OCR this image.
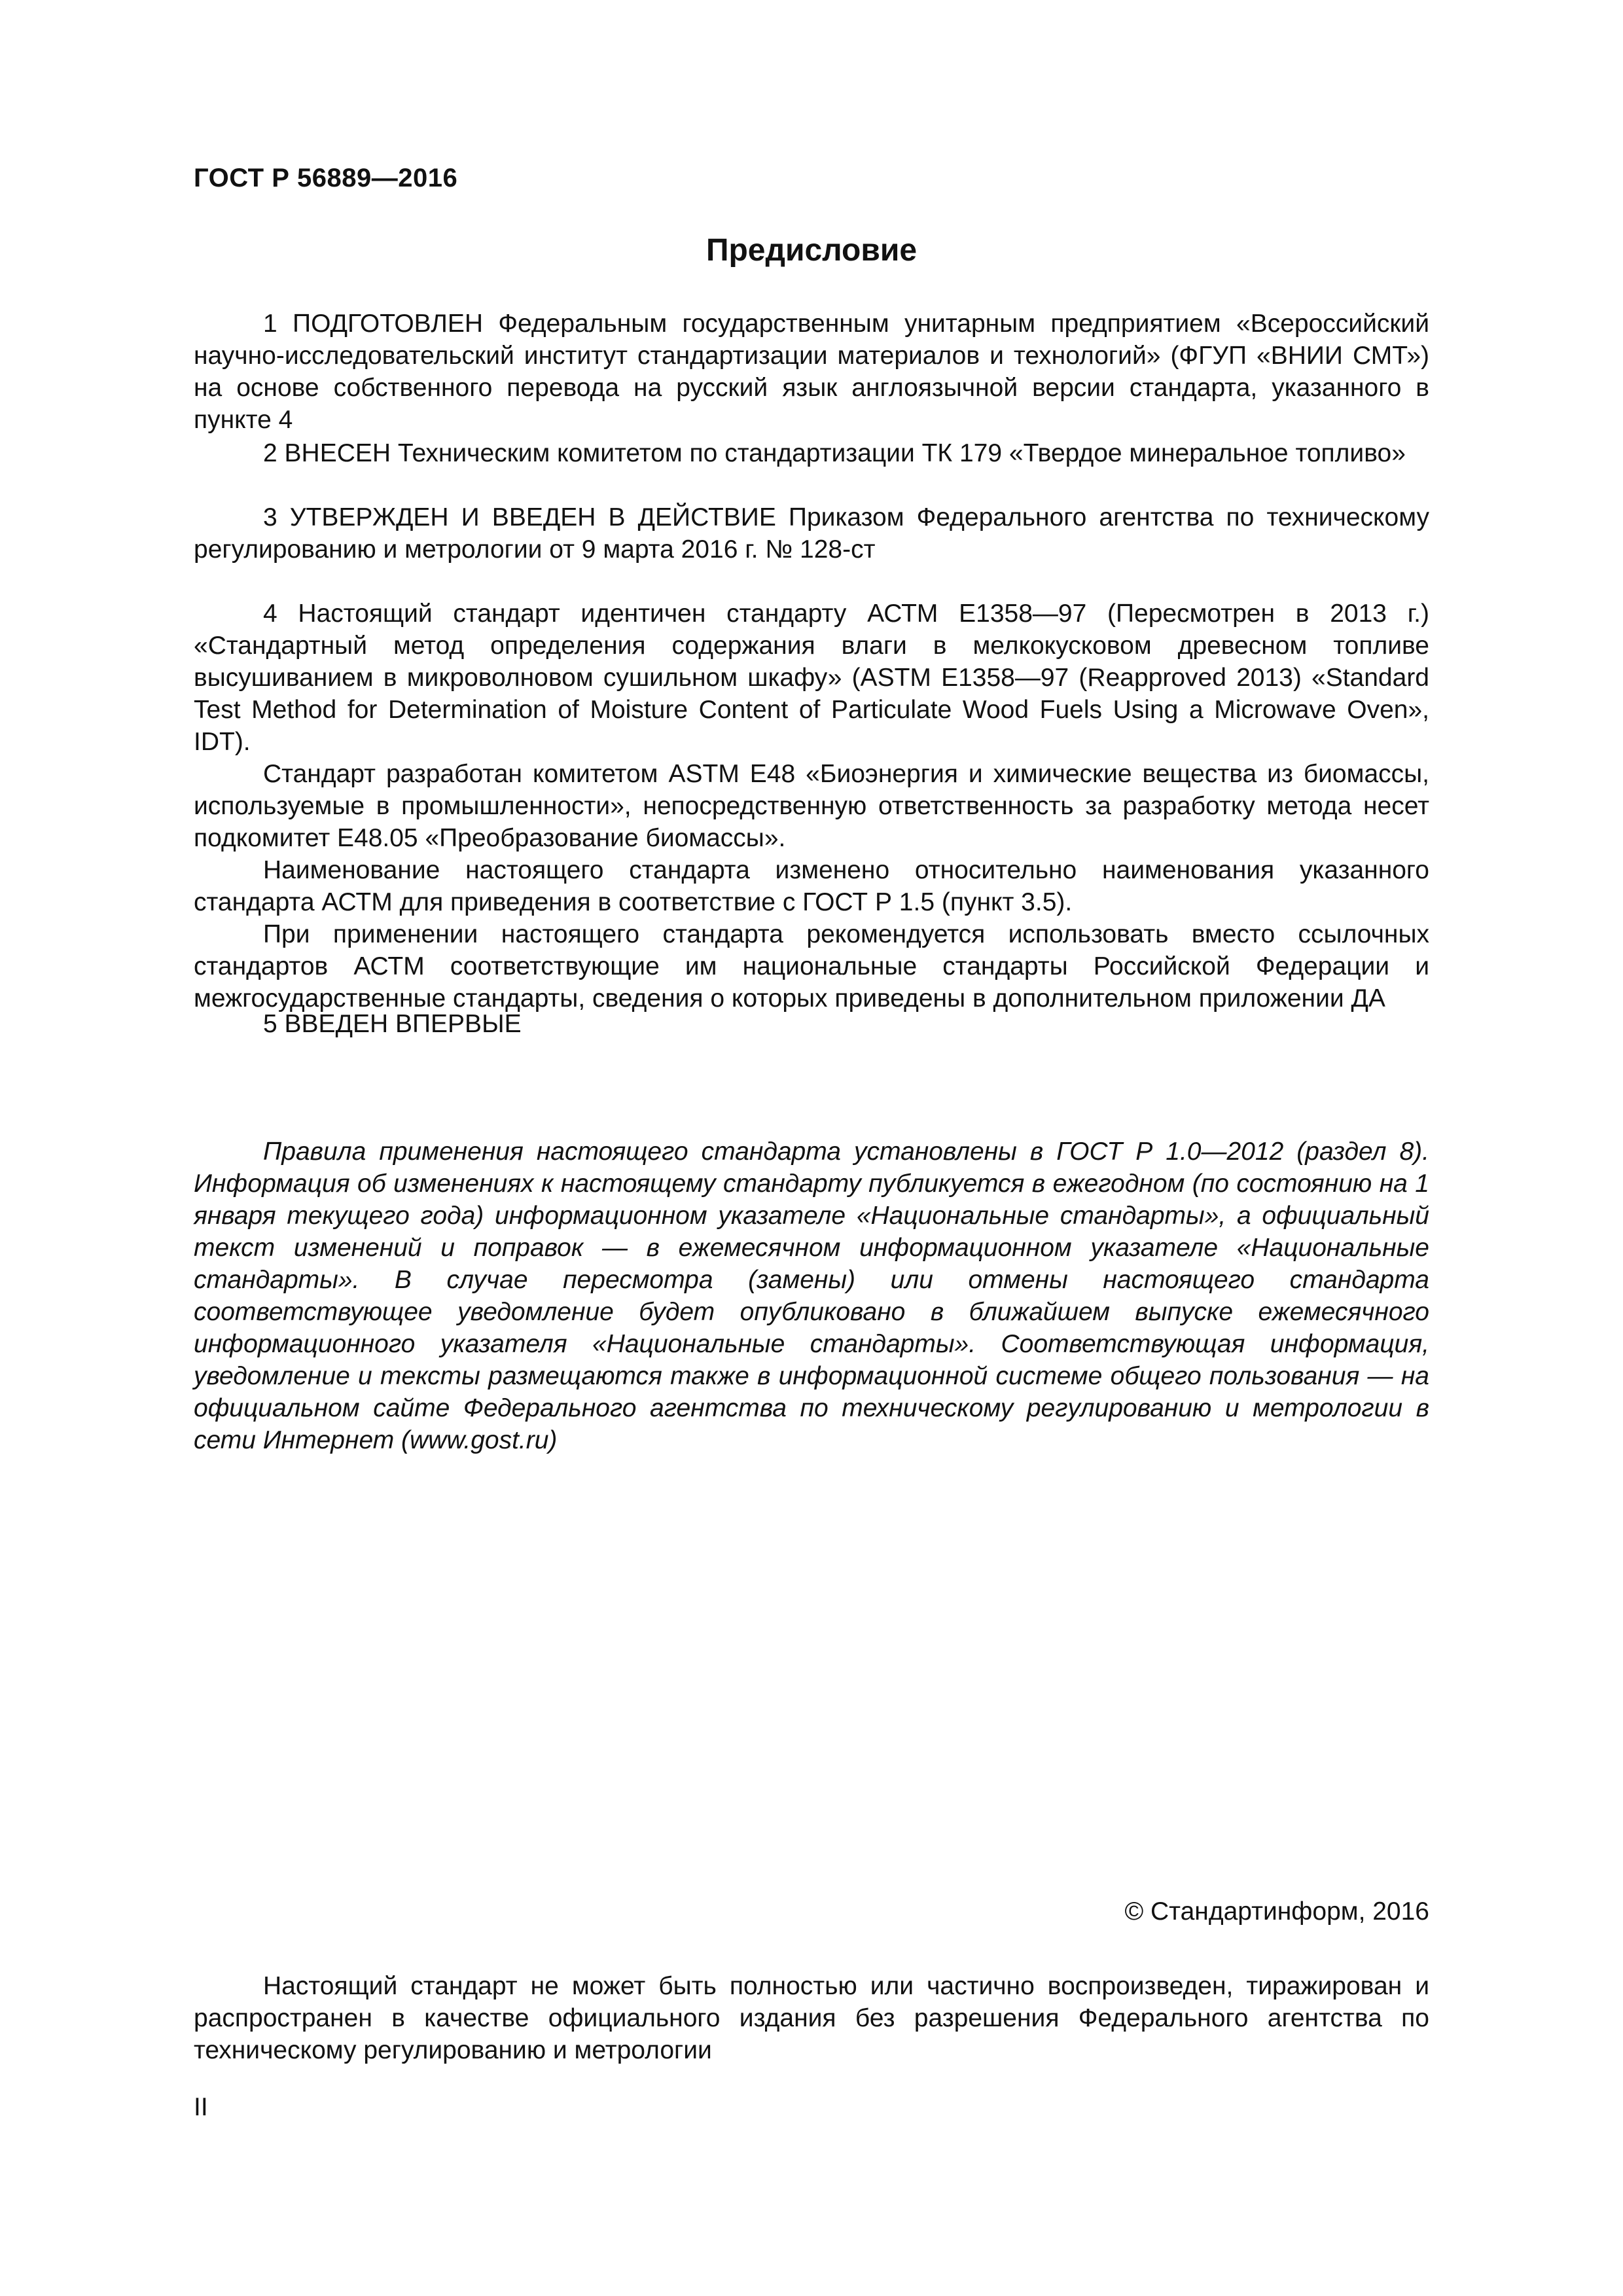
ГОСТ Р 56889—2016
Предисловие

1 ПОДГОТОВЛЕН Федеральным государственным унитарным предприятием «Всероссийский научно-исследовательский институт стандартизации материалов и технологий» (ФГУП «ВНИИ СМТ») на основе собственного перевода на русский язык англоязычной версии стандарта, указанного в пункте 4

2 ВНЕСЕН Техническим комитетом по стандартизации ТК 179 «Твердое минеральное топливо»

3 УТВЕРЖДЕН И ВВЕДЕН В ДЕЙСТВИЕ Приказом Федерального агентства по техническому регулированию и метрологии от 9 марта 2016 г. № 128-ст

4 Настоящий стандарт идентичен стандарту АСТМ Е1358—97 (Пересмотрен в 2013 г.) «Стандартный метод определения содержания влаги в мелкокусковом древесном топливе высушиванием в микроволновом сушильном шкафу» (ASTM E1358—97 (Reapproved 2013) «Standard Test Method for Determination of Moisture Content of Particulate Wood Fuels Using a Microwave Oven», IDT).

Стандарт разработан комитетом ASTM Е48 «Биоэнергия и химические вещества из биомассы, используемые в промышленности», непосредственную ответственность за разработку метода несет подкомитет Е48.05 «Преобразование биомассы».

Наименование настоящего стандарта изменено относительно наименования указанного стандарта АСТМ для приведения в соответствие с ГОСТ Р 1.5 (пункт 3.5).

При применении настоящего стандарта рекомендуется использовать вместо ссылочных стандартов АСТМ соответствующие им национальные стандарты Российской Федерации и межгосударственные стандарты, сведения о которых приведены в дополнительном приложении ДА

5 ВВЕДЕН ВПЕРВЫЕ

Правила применения настоящего стандарта установлены в ГОСТ Р 1.0—2012 (раздел 8). Информация об изменениях к настоящему стандарту публикуется в ежегодном (по состоянию на 1 января текущего года) информационном указателе «Национальные стандарты», а официальный текст изменений и поправок — в ежемесячном информационном указателе «Национальные стандарты». В случае пересмотра (замены) или отмены настоящего стандарта соответствующее уведомление будет опубликовано в ближайшем выпуске ежемесячного информационного указателя «Национальные стандарты». Соответствующая информация, уведомление и тексты размещаются также в информационной системе общего пользования — на официальном сайте Федерального агентства по техническому регулированию и метрологии в сети Интернет (www.gost.ru)

© Стандартинформ, 2016

Настоящий стандарт не может быть полностью или частично воспроизведен, тиражирован и распространен в качестве официального издания без разрешения Федерального агентства по техническому регулированию и метрологии

II
